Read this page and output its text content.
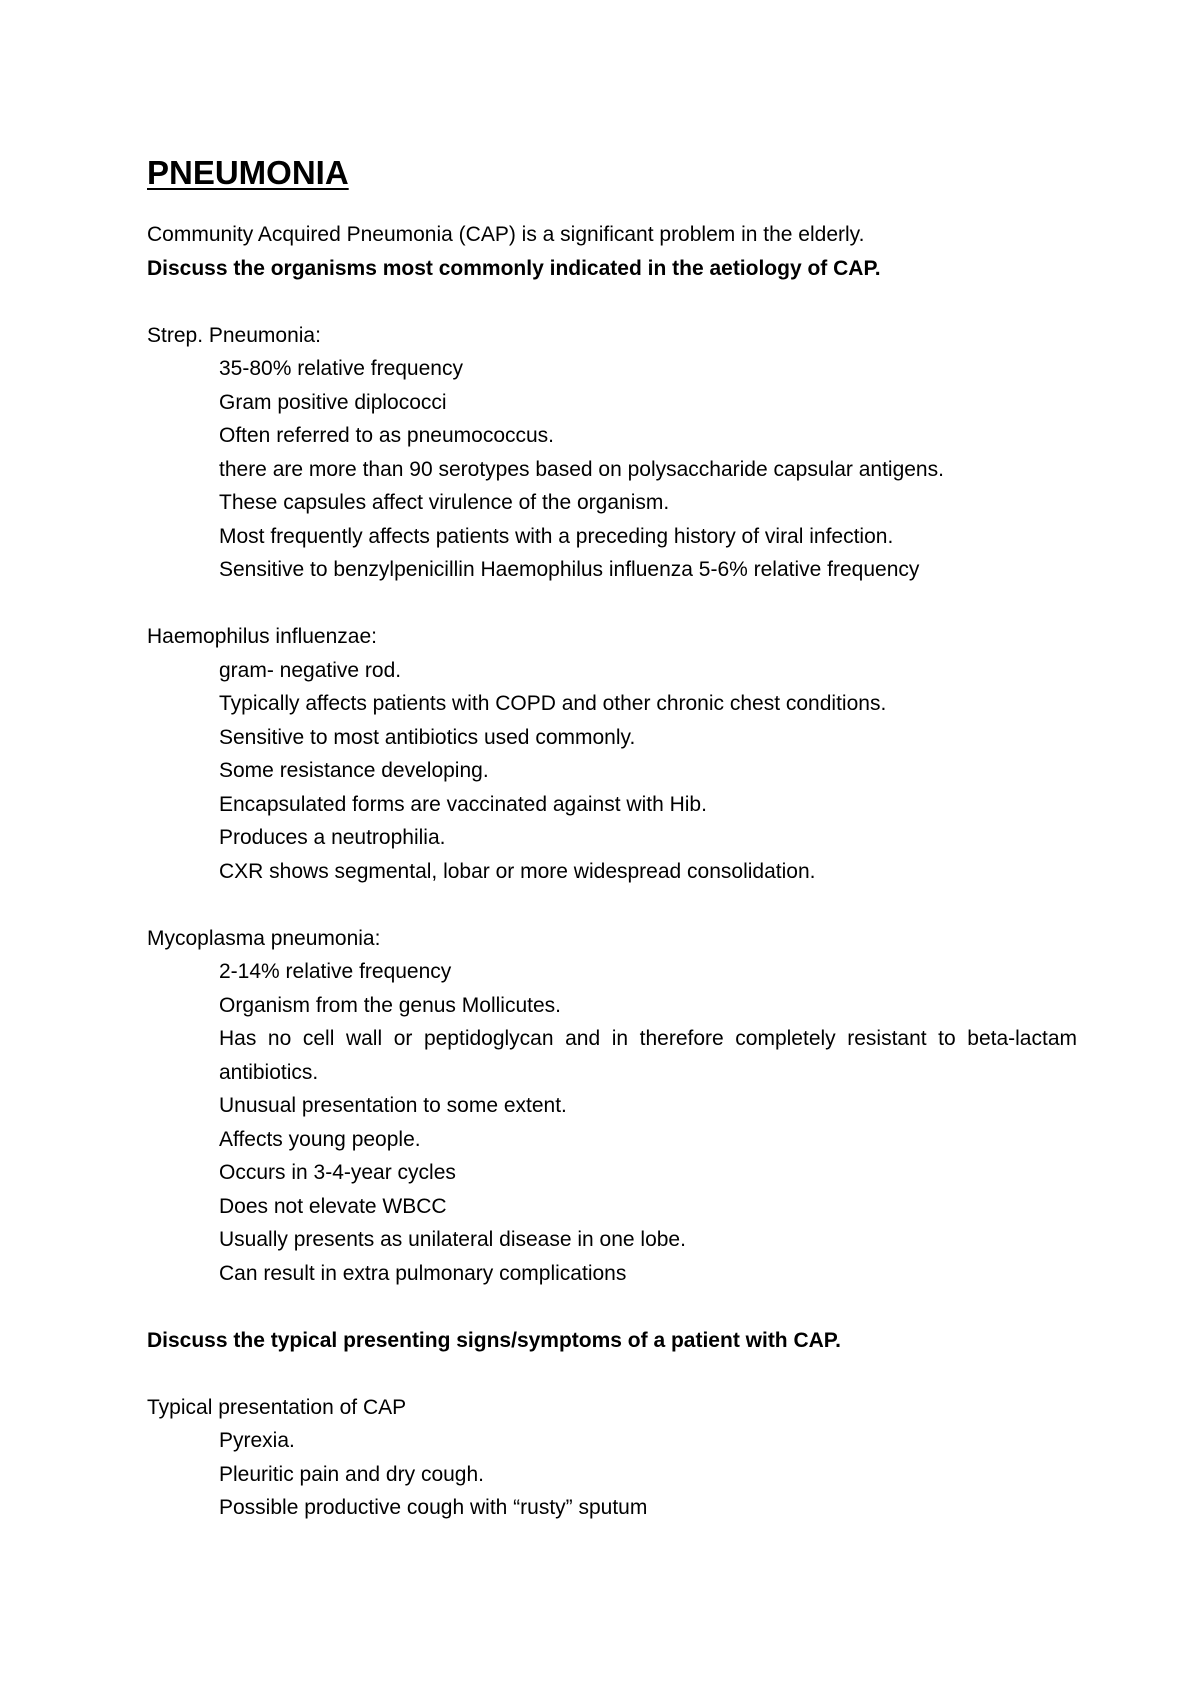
PNEUMONIA
Community Acquired Pneumonia (CAP) is a significant problem in the elderly.
Discuss the organisms most commonly indicated in the aetiology of CAP.
Strep. Pneumonia:
35-80% relative frequency
Gram positive diplococci
Often referred to as pneumococcus.
there are more than 90 serotypes based on polysaccharide capsular antigens.
These capsules affect virulence of the organism.
Most frequently affects patients with a preceding history of viral infection.
Sensitive to benzylpenicillin Haemophilus influenza 5-6% relative frequency
Haemophilus influenzae:
gram- negative rod.
Typically affects patients with COPD and other chronic chest conditions.
Sensitive to most antibiotics used commonly.
Some resistance developing.
Encapsulated forms are vaccinated against with Hib.
Produces a neutrophilia.
CXR shows segmental, lobar or more widespread consolidation.
Mycoplasma pneumonia:
2-14% relative frequency
Organism from the genus Mollicutes.
Has no cell wall or peptidoglycan and in therefore completely resistant to beta-lactam antibiotics.
Unusual presentation to some extent.
Affects young people.
Occurs in 3-4-year cycles
Does not elevate WBCC
Usually presents as unilateral disease in one lobe.
Can result in extra pulmonary complications
Discuss the typical presenting signs/symptoms of a patient with CAP.
Typical presentation of CAP
Pyrexia.
Pleuritic pain and dry cough.
Possible productive cough with “rusty” sputum
